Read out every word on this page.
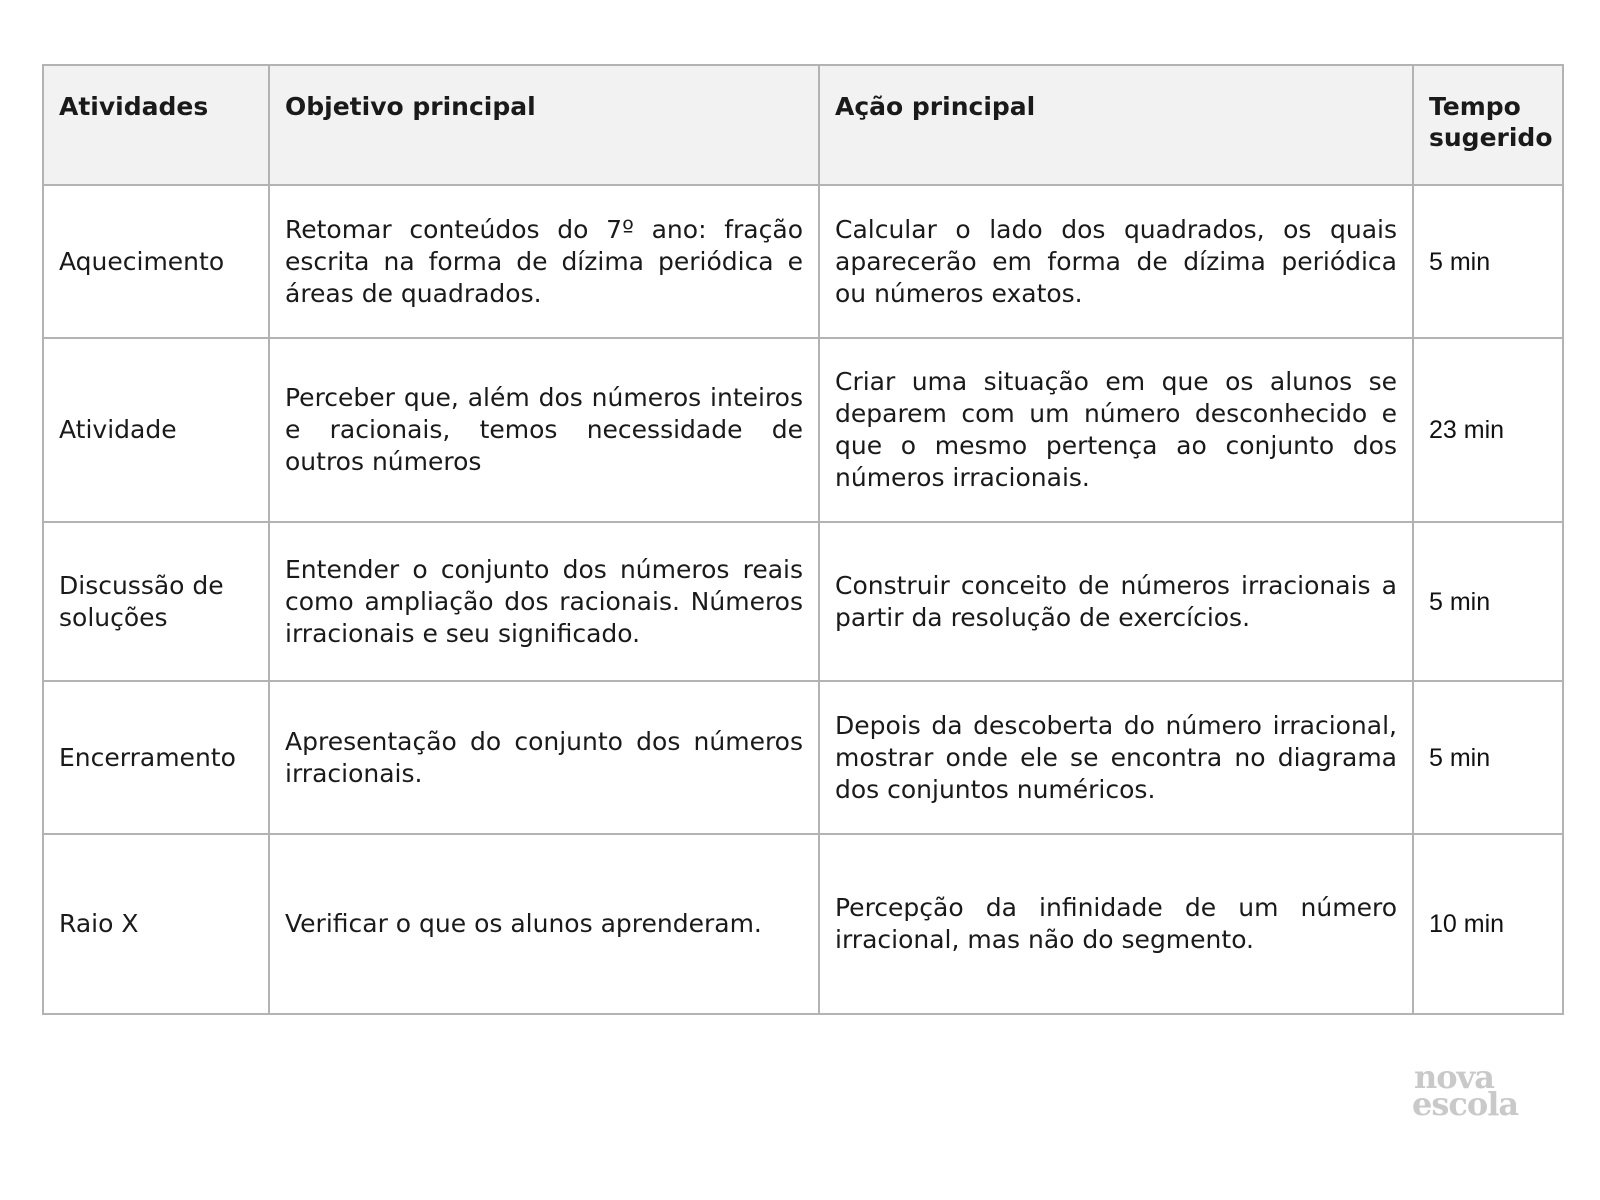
Atividades	Objetivo principal	Ação principal	Tempo sugerido
Aquecimento	Retomar conteúdos do 7º ano: fração escrita na forma de dízima periódica e áreas de quadrados.	Calcular o lado dos quadrados, os quais aparecerão em forma de dízima periódica ou números exatos.	5 min
Atividade	Perceber que, além dos números inteiros e racionais, temos necessidade de outros números	Criar uma situação em que os alunos se deparem com um número desconhecido e que o mesmo pertença ao conjunto dos números irracionais.	23 min
Discussão de soluções	Entender o conjunto dos números reais como ampliação dos racionais. Números irracionais e seu significado.	Construir conceito de números irracionais a partir da resolução de exercícios.	5 min
Encerramento	Apresentação do conjunto dos números irracionais.	Depois da descoberta do número irracional, mostrar onde ele se encontra no diagrama dos conjuntos numéricos.	5 min
Raio X	Verificar o que os alunos aprenderam.	Percepção da infinidade de um número irracional, mas não do segmento.	10 min
nova
escola
